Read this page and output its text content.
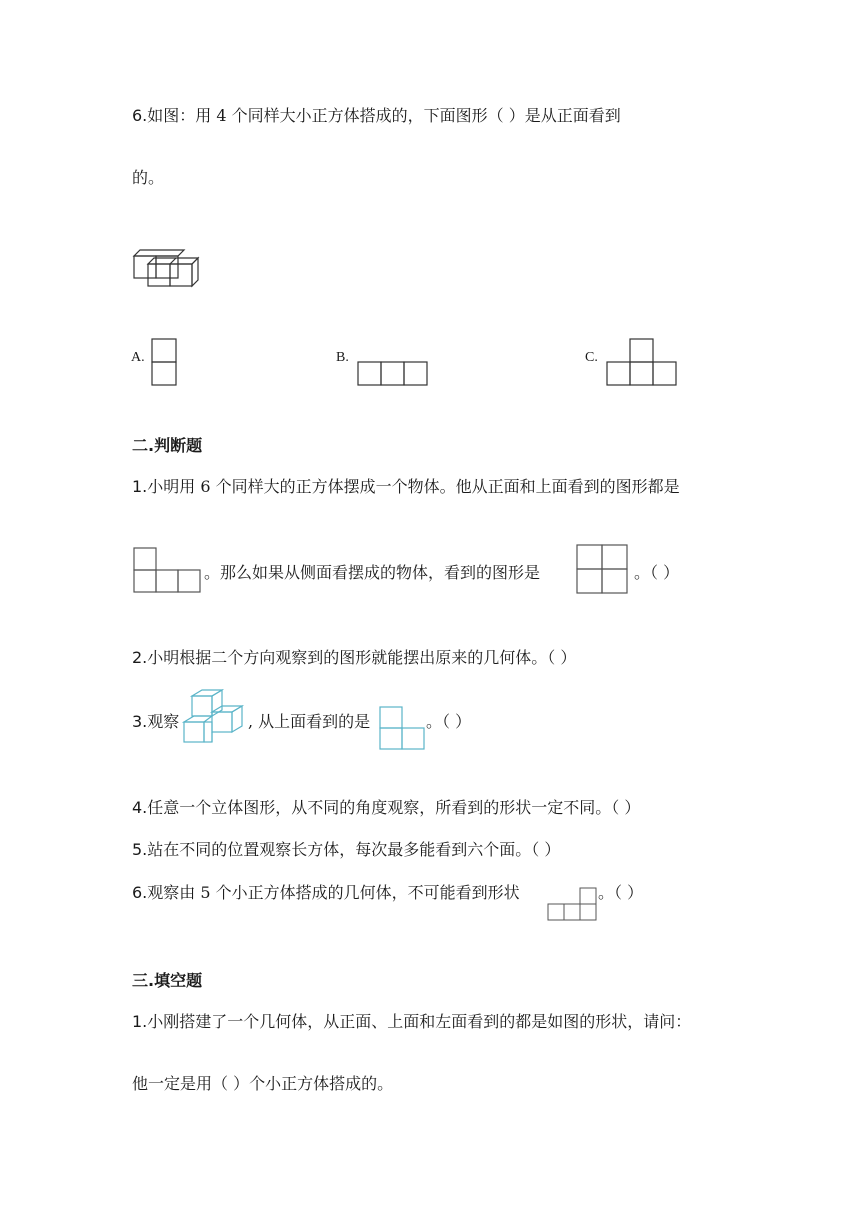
6.如图：用 4 个同样大小正方体搭成的，下面图形（ ）是从正面看到
的。
A.	B.	C.
二.判断题
1.小明用 6 个同样大的正方体摆成一个物体。他从正面和上面看到的图形都是
。那么如果从侧面看摆成的物体，看到的图形是	。（ ）
2.小明根据二个方向观察到的图形就能摆出原来的几何体。（ ）
3.观察	, 从上面看到的是	。（ ）
4.任意一个立体图形，从不同的角度观察，所看到的形状一定不同。（ ）
5.站在不同的位置观察长方体，每次最多能看到六个面。（ ）
6.观察由 5 个小正方体搭成的几何体，不可能看到形状	。（ ）
三.填空题
1.小刚搭建了一个几何体，从正面、上面和左面看到的都是如图的形状，请问：
他一定是用（ ）个小正方体搭成的。
